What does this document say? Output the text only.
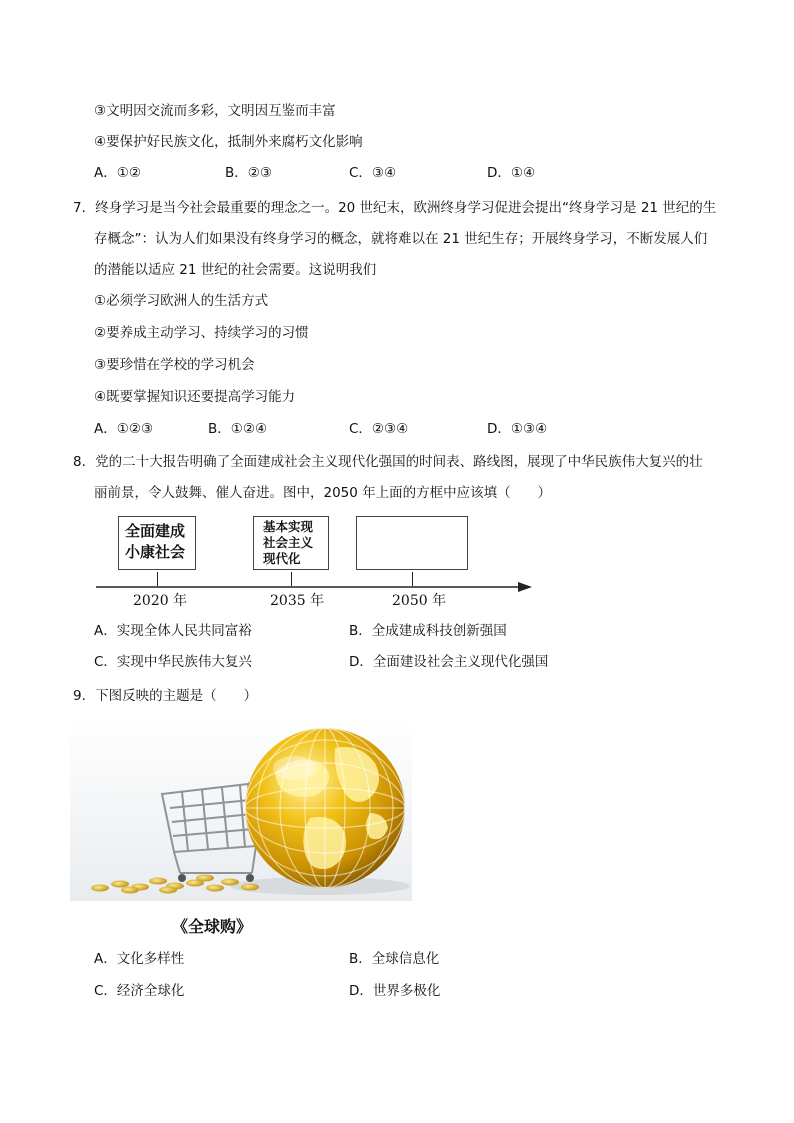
③文明因交流而多彩，文明因互鉴而丰富
④要保护好民族文化，抵制外来腐朽文化影响
A．①②	B．②③	C．③④	D．①④
7．终身学习是当今社会最重要的理念之一。20 世纪末，欧洲终身学习促进会提出“终身学习是 21 世纪的生
存概念”：认为人们如果没有终身学习的概念，就将难以在 21 世纪生存；开展终身学习，不断发展人们
的潜能以适应 21 世纪的社会需要。这说明我们
①必须学习欧洲人的生活方式
②要养成主动学习、持续学习的习惯
③要珍惜在学校的学习机会
④既要掌握知识还要提高学习能力
A．①②③	B．①②④	C．②③④	D．①③④
8．党的二十大报告明确了全面建成社会主义现代化强国的时间表、路线图，展现了中华民族伟大复兴的壮
丽前景，令人鼓舞、催人奋进。图中，2050 年上面的方框中应该填（　　）
全面建成
小康社会
基本实现
社会主义
现代化
2020 年	2035 年	2050 年
A．实现全体人民共同富裕	B．全成建成科技创新强国
C．实现中华民族伟大复兴	D．全面建设社会主义现代化强国
9．下图反映的主题是（　　）
《全球购》
A．文化多样性	B．全球信息化
C．经济全球化	D．世界多极化
